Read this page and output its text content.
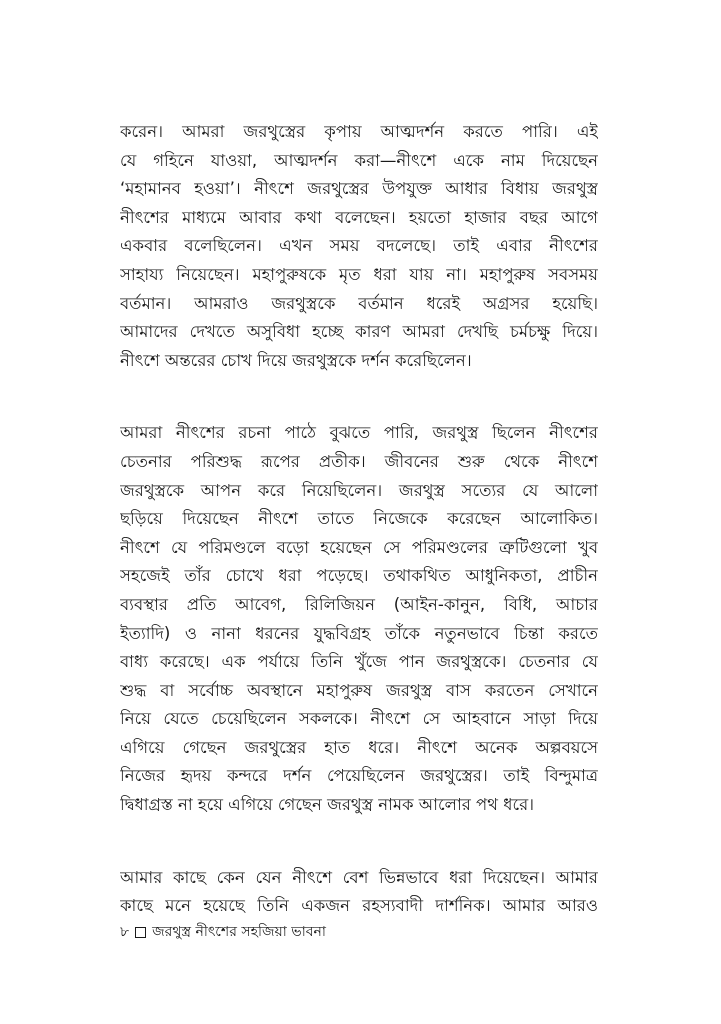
করেন। আমরা জরথুস্ত্রের কৃপায় আত্মদর্শন করতে পারি। এই
যে গহিনে যাওয়া, আত্মদর্শন করা—নীৎশে একে নাম দিয়েছেন
‘মহামানব হওয়া’। নীৎশে জরথুস্ত্রের উপযুক্ত আধার বিধায় জরথুস্ত্র
নীৎশের মাধ্যমে আবার কথা বলেছেন। হয়তো হাজার বছর আগে
একবার বলেছিলেন। এখন সময় বদলেছে। তাই এবার নীৎশের
সাহায্য নিয়েছেন। মহাপুরুষকে মৃত ধরা যায় না। মহাপুরুষ সবসময়
বর্তমান। আমরাও জরথুস্ত্রকে বর্তমান ধরেই অগ্রসর হয়েছি।
আমাদের দেখতে অসুবিধা হচ্ছে কারণ আমরা দেখছি চর্মচক্ষু দিয়ে।
নীৎশে অন্তরের চোখ দিয়ে জরথুস্ত্রকে দর্শন করেছিলেন।
আমরা নীৎশের রচনা পাঠে বুঝতে পারি, জরথুস্ত্র ছিলেন নীৎশের
চেতনার পরিশুদ্ধ রূপের প্রতীক। জীবনের শুরু থেকে নীৎশে
জরথুস্ত্রকে আপন করে নিয়েছিলেন। জরথুস্ত্র সত্যের যে আলো
ছড়িয়ে দিয়েছেন নীৎশে তাতে নিজেকে করেছেন আলোকিত।
নীৎশে যে পরিমণ্ডলে বড়ো হয়েছেন সে পরিমণ্ডলের ত্রুটিগুলো খুব
সহজেই তাঁর চোখে ধরা পড়েছে। তথাকথিত আধুনিকতা, প্রাচীন
ব্যবস্থার প্রতি আবেগ, রিলিজিয়ন (আইন-কানুন, বিধি, আচার
ইত্যাদি) ও নানা ধরনের যুদ্ধবিগ্রহ তাঁকে নতুনভাবে চিন্তা করতে
বাধ্য করেছে। এক পর্যায়ে তিনি খুঁজে পান জরথুস্ত্রকে। চেতনার যে
শুদ্ধ বা সর্বোচ্চ অবস্থানে মহাপুরুষ জরথুস্ত্র বাস করতেন সেখানে
নিয়ে যেতে চেয়েছিলেন সকলকে। নীৎশে সে আহবানে সাড়া দিয়ে
এগিয়ে গেছেন জরথুস্ত্রের হাত ধরে। নীৎশে অনেক অল্পবয়সে
নিজের হৃদয় কন্দরে দর্শন পেয়েছিলেন জরথুস্ত্রের। তাই বিন্দুমাত্র
দ্বিধাগ্রস্ত না হয়ে এগিয়ে গেছেন জরথুস্ত্র নামক আলোর পথ ধরে।
আমার কাছে কেন যেন নীৎশে বেশ ভিন্নভাবে ধরা দিয়েছেন। আমার
কাছে মনে হয়েছে তিনি একজন রহস্যবাদী দার্শনিক। আমার আরও
৮ জরথুস্ত্র নীৎশের সহজিয়া ভাবনা
